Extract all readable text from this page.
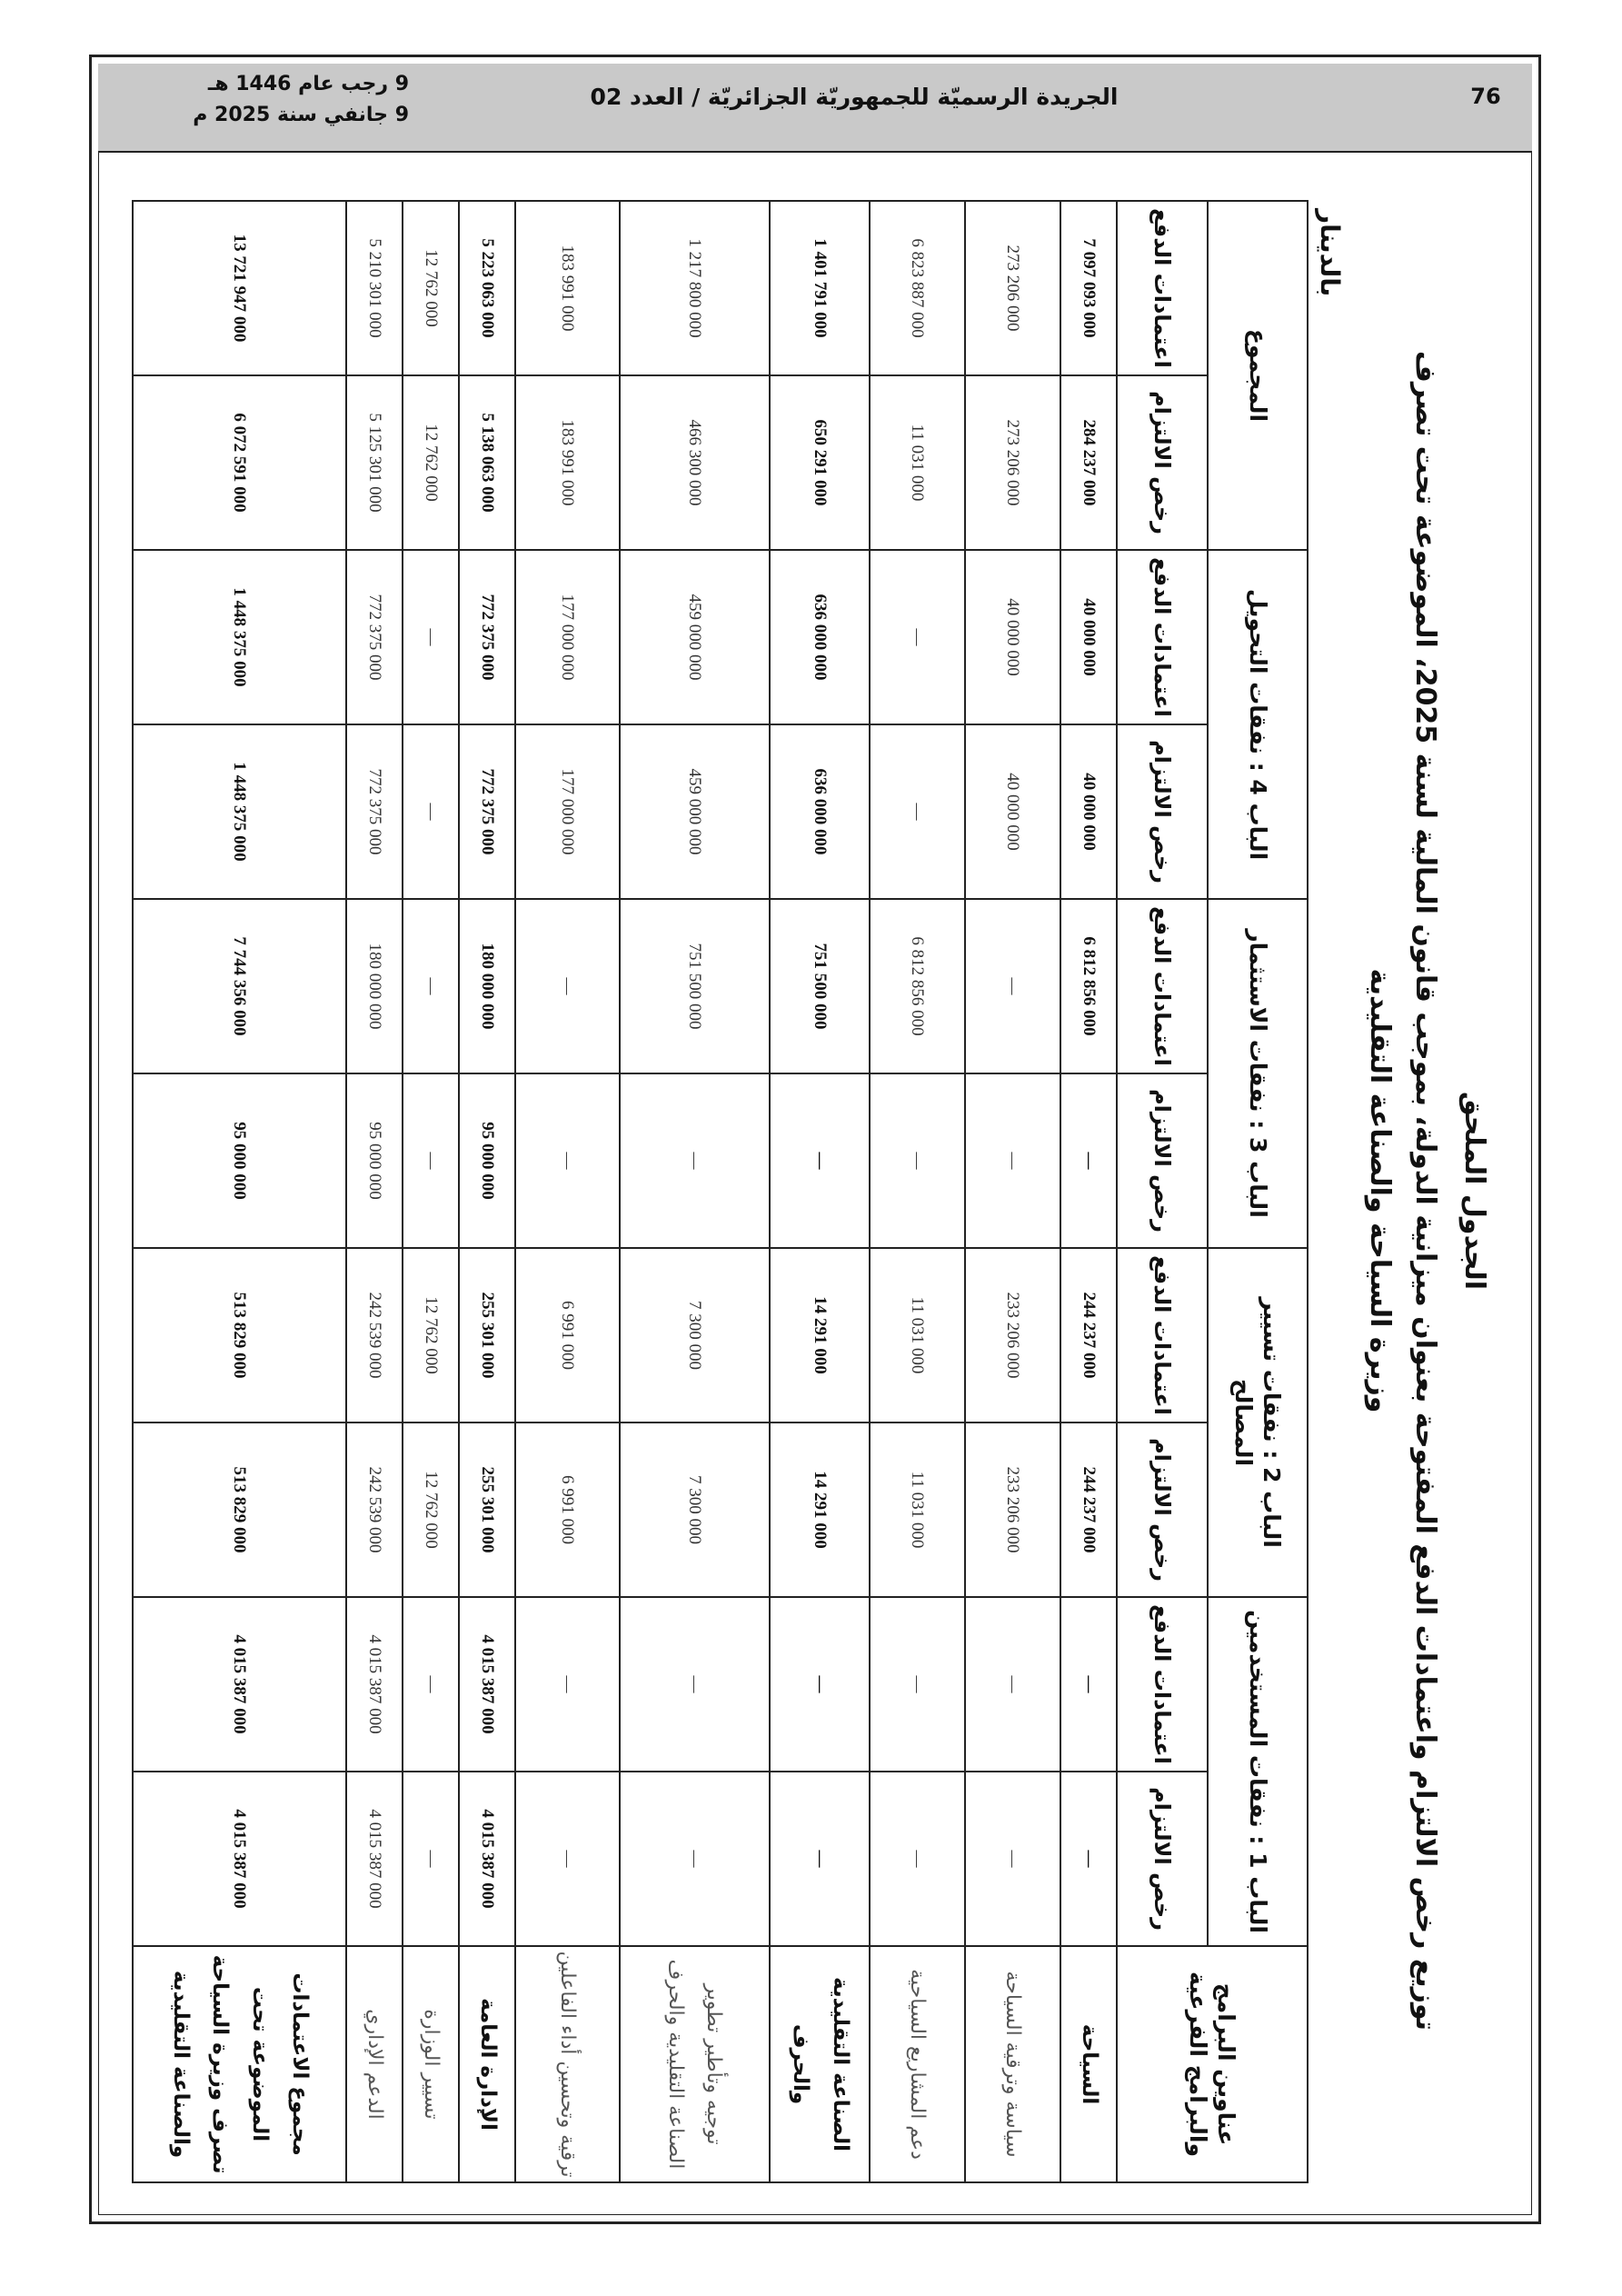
76
الجريدة الرسميّة للجمهوريّة الجزائريّة / العدد 02
9 رجب عام 1446 هـ
9 جانفي سنة 2025 م
الجدول الملحق
توزيع رخص الالتزام واعتمادات الدفع المفتوحة بعنوان ميزانية الدولة، بموجب قانون المالية لسنة 2025، الموضوعة تحت تصرف
وزيرة السياحة والصناعة التقليدية
بالدينار
عناوين البرامج والبرامج الفرعية	الباب 1 : نفقات المستخدمين		الباب 2 : نفقات تسيير المصالح		الباب 3 : نفقات الاستثمار		الباب 4 : نفقات التحويل		المجموع	
	رخص الالتزام	اعتمادات الدفع	رخص الالتزام	اعتمادات الدفع	رخص الالتزام	اعتمادات الدفع	رخص الالتزام	اعتمادات الدفع	رخص الالتزام	اعتمادات الدفع
السياحة	—	—	244 237 000	244 237 000	—	6 812 856 000	40 000 000	40 000 000	284 237 000	7 097 093 000
سياسة وترقية السياحة	—	—	233 206 000	233 206 000	—	—	40 000 000	40 000 000	273 206 000	273 206 000
دعم المشاريع السياحية	—	—	11 031 000	11 031 000	—	6 812 856 000	—	—	11 031 000	6 823 887 000
الصناعة التقليدية والحرف	—	—	14 291 000	14 291 000	—	751 500 000	636 000 000	636 000 000	650 291 000	1 401 791 000
توجيه وتأطير تطوير الصناعة التقليدية والحرف	—	—	7 300 000	7 300 000	—	751 500 000	459 000 000	459 000 000	466 300 000	1 217 800 000
ترقية وتحسين أداء الفاعلين	—	—	6 991 000	6 991 000	—	—	177 000 000	177 000 000	183 991 000	183 991 000
الإدارة العامة	4 015 387 000	4 015 387 000	255 301 000	255 301 000	95 000 000	180 000 000	772 375 000	772 375 000	5 138 063 000	5 223 063 000
تسيير الوزارة	—	—	12 762 000	12 762 000	—	—	—	—	12 762 000	12 762 000
الدعم الإداري	4 015 387 000	4 015 387 000	242 539 000	242 539 000	95 000 000	180 000 000	772 375 000	772 375 000	5 125 301 000	5 210 301 000
مجموع الاعتمادات الموضوعة تحت تصرف وزيرة السياحة والصناعة التقليدية	4 015 387 000	4 015 387 000	513 829 000	513 829 000	95 000 000	7 744 356 000	1 448 375 000	1 448 375 000	6 072 591 000	13 721 947 000
